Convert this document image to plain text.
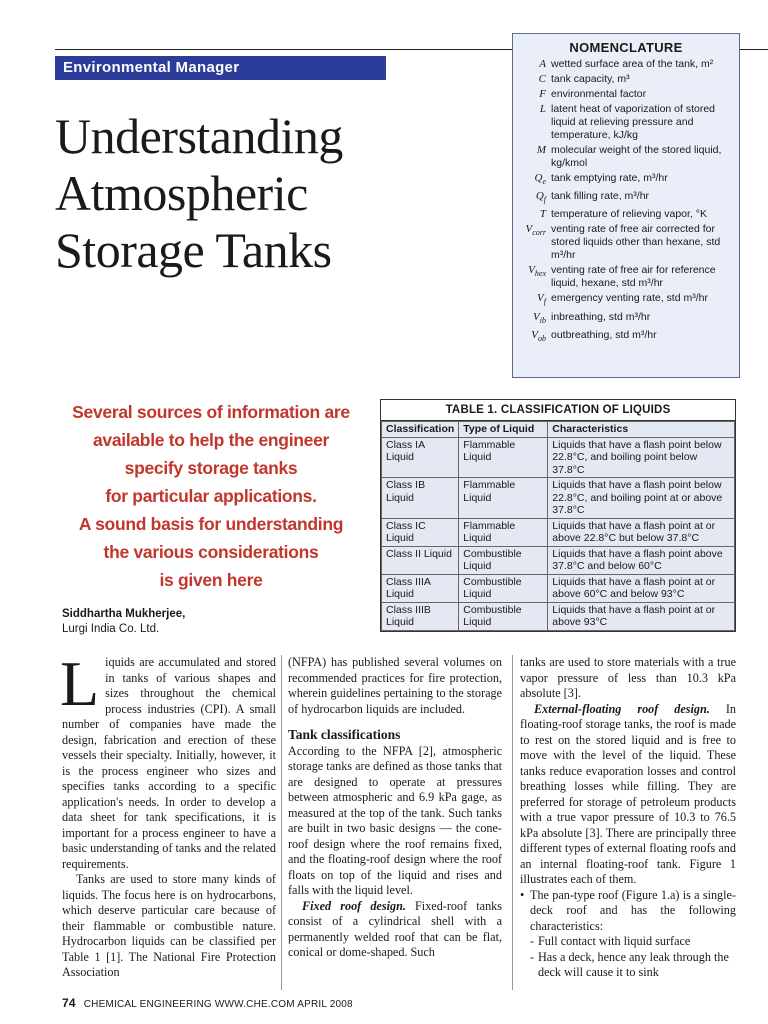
Environmental Manager
Understanding
Atmospheric
Storage Tanks
NOMENCLATURE
A wetted surface area of the tank, m²
C tank capacity, m³
F environmental factor
L latent heat of vaporization of stored liquid at relieving pressure and temperature, kJ/kg
M molecular weight of the stored liquid, kg/kmol
$Q_e$ tank emptying rate, m³/hr
$Q_f$ tank filling rate, m³/hr
T temperature of relieving vapor, °K
$V_{corr}$ venting rate of free air corrected for stored liquids other than hexane, std m³/hr
$V_{hex}$ venting rate of free air for reference liquid, hexane, std m³/hr
$V_f$ emergency venting rate, std m³/hr
$V_{ib}$ inbreathing, std m³/hr
$V_{ob}$ outbreathing, std m³/hr
Several sources of information are
available to help the engineer
specify storage tanks
for particular applications.
A sound basis for understanding
the various considerations
is given here
Siddhartha Mukherjee,
Lurgi India Co. Ltd.
TABLE 1. CLASSIFICATION OF LIQUIDS
Classification	Type of Liquid	Characteristics
Class IA Liquid	Flammable Liquid	Liquids that have a flash point below 22.8°C, and boiling point below 37.8°C
Class IB Liquid	Flammable Liquid	Liquids that have a flash point below 22.8°C, and boiling point at or above 37.8°C
Class IC Liquid	Flammable Liquid	Liquids that have a flash point at or above 22.8°C but below 37.8°C
Class II Liquid	Combustible Liquid	Liquids that have a flash point above 37.8°C and below 60°C
Class IIIA Liquid	Combustible Liquid	Liquids that have a flash point at or above 60°C and below 93°C
Class IIIB Liquid	Combustible Liquid	Liquids that have a flash point at or above 93°C

Liquids are accumulated and stored in tanks of various shapes and sizes throughout the chemical process industries (CPI). A small number of companies have made the design, fabrication and erection of these vessels their specialty. Initially, however, it is the process engineer who sizes and specifies tanks according to a specific application's needs. In order to develop a data sheet for tank specifications, it is important for a process engineer to have a basic understanding of tanks and the related requirements.

Tanks are used to store many kinds of liquids. The focus here is on hydrocarbons, which deserve particular care because of their flammable or combustible nature. Hydrocarbon liquids can be classified per Table 1 [1]. The National Fire Protection Association

(NFPA) has published several volumes on recommended practices for fire protection, wherein guidelines pertaining to the storage of hydrocarbon liquids are included.

Tank classifications

According to the NFPA [2], atmospheric storage tanks are defined as those tanks that are designed to operate at pressures between atmospheric and 6.9 kPa gage, as measured at the top of the tank. Such tanks are built in two basic designs — the cone-roof design where the roof remains fixed, and the floating-roof design where the roof floats on top of the liquid and rises and falls with the liquid level.

Fixed roof design. Fixed-roof tanks consist of a cylindrical shell with a permanently welded roof that can be flat, conical or dome-shaped. Such

tanks are used to store materials with a true vapor pressure of less than 10.3 kPa absolute [3].

External-floating roof design. In floating-roof storage tanks, the roof is made to rest on the stored liquid and is free to move with the level of the liquid. These tanks reduce evaporation losses and control breathing losses while filling. They are preferred for storage of petroleum products with a true vapor pressure of 10.3 to 76.5 kPa absolute [3]. There are principally three different types of external floating roofs and an internal floating-roof tank. Figure 1 illustrates each of them.

• The pan-type roof (Figure 1.a) is a single-deck roof and has the following characteristics:
- Full contact with liquid surface
- Has a deck, hence any leak through the deck will cause it to sink
74 CHEMICAL ENGINEERING WWW.CHE.COM APRIL 2008
